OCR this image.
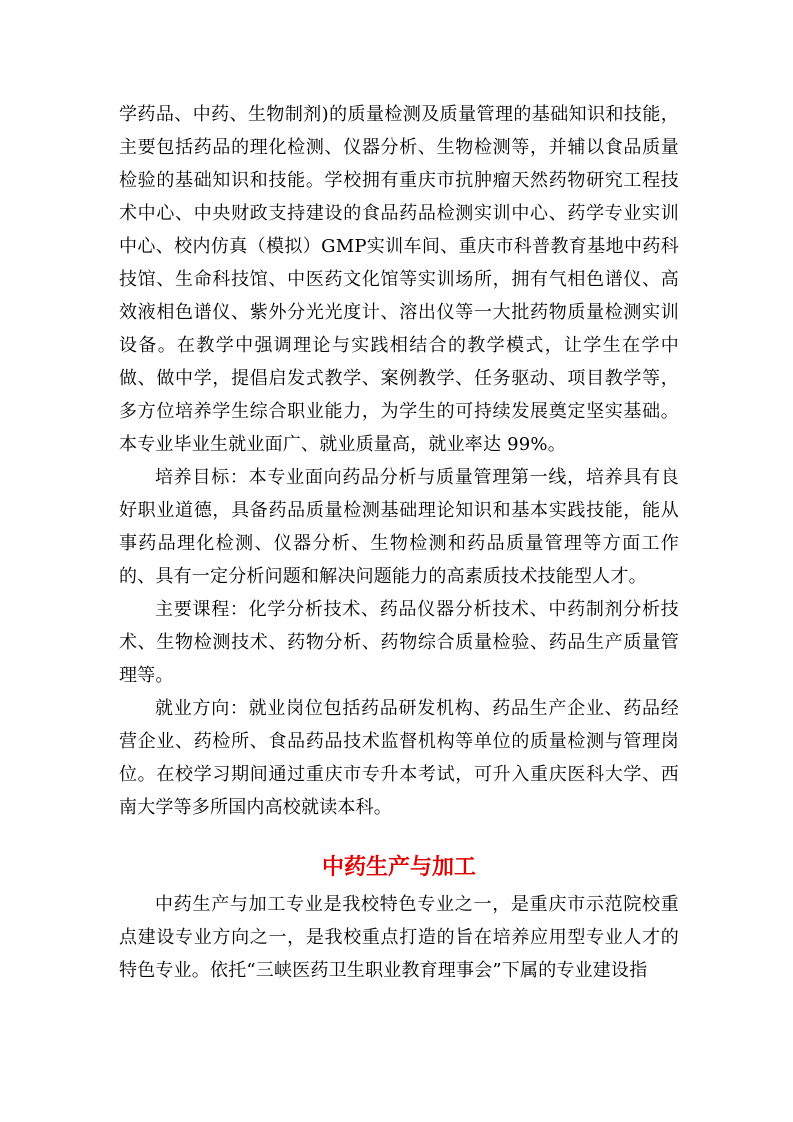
学药品、中药、生物制剂)的质量检测及质量管理的基础知识和技能，主要包括药品的理化检测、仪器分析、生物检测等，并辅以食品质量检验的基础知识和技能。学校拥有重庆市抗肿瘤天然药物研究工程技术中心、中央财政支持建设的食品药品检测实训中心、药学专业实训中心、校内仿真（模拟）GMP实训车间、重庆市科普教育基地中药科技馆、生命科技馆、中医药文化馆等实训场所，拥有气相色谱仪、高效液相色谱仪、紫外分光光度计、溶出仪等一大批药物质量检测实训设备。在教学中强调理论与实践相结合的教学模式，让学生在学中做、做中学，提倡启发式教学、案例教学、任务驱动、项目教学等，多方位培养学生综合职业能力，为学生的可持续发展奠定坚实基础。本专业毕业生就业面广、就业质量高，就业率达 99%。

培养目标：本专业面向药品分析与质量管理第一线，培养具有良好职业道德，具备药品质量检测基础理论知识和基本实践技能，能从事药品理化检测、仪器分析、生物检测和药品质量管理等方面工作的、具有一定分析问题和解决问题能力的高素质技术技能型人才。

主要课程：化学分析技术、药品仪器分析技术、中药制剂分析技术、生物检测技术、药物分析、药物综合质量检验、药品生产质量管理等。

就业方向：就业岗位包括药品研发机构、药品生产企业、药品经营企业、药检所、食品药品技术监督机构等单位的质量检测与管理岗位。在校学习期间通过重庆市专升本考试，可升入重庆医科大学、西南大学等多所国内高校就读本科。

中药生产与加工

中药生产与加工专业是我校特色专业之一，是重庆市示范院校重点建设专业方向之一，是我校重点打造的旨在培养应用型专业人才的特色专业。依托“三峡医药卫生职业教育理事会”下属的专业建设指
